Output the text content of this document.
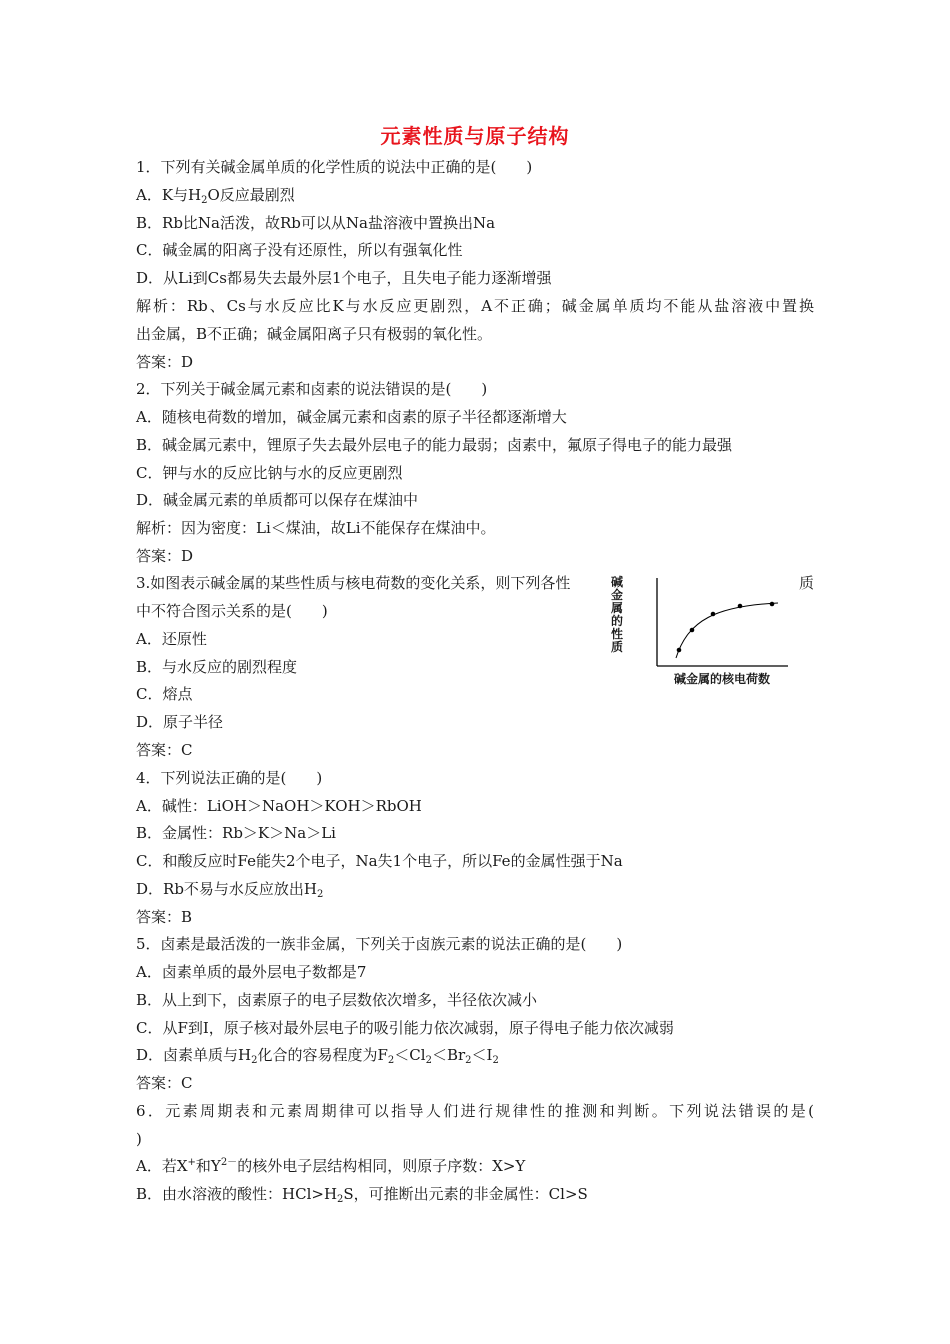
元素性质与原子结构
1．下列有关碱金属单质的化学性质的说法中正确的是(　　)
A．K与$H_2O$反应最剧烈
B．Rb比Na活泼，故Rb可以从Na盐溶液中置换出Na
C．碱金属的阳离子没有还原性，所以有强氧化性
D．从Li到Cs都易失去最外层1个电子，且失电子能力逐渐增强
解析：Rb、Cs与水反应比K与水反应更剧烈，A不正确；碱金属单质均不能从盐溶液中置换
出金属，B不正确；碱金属阳离子只有极弱的氧化性。
答案：D
2．下列关于碱金属元素和卤素的说法错误的是(　　)
A．随核电荷数的增加，碱金属元素和卤素的原子半径都逐渐增大
B．碱金属元素中，锂原子失去最外层电子的能力最弱；卤素中，氟原子得电子的能力最强
C．钾与水的反应比钠与水的反应更剧烈
D．碱金属元素的单质都可以保存在煤油中
解析：因为密度：Li＜煤油，故Li不能保存在煤油中。
答案：D
3.如图表示碱金属的某些性质与核电荷数的变化关系，则下列各性	质
中不符合图示关系的是(　　)
A．还原性
B．与水反应的剧烈程度
C．熔点
D．原子半径
答案：C
碱金属的性质
碱金属的核电荷数
4．下列说法正确的是(　　)
A．碱性：LiOH＞NaOH＞KOH＞RbOH
B．金属性：Rb＞K＞Na＞Li
C．和酸反应时Fe能失2个电子，Na失1个电子，所以Fe的金属性强于Na
D．Rb不易与水反应放出$H_2$
答案：B
5．卤素是最活泼的一族非金属，下列关于卤族元素的说法正确的是(　　)
A．卤素单质的最外层电子数都是7
B．从上到下，卤素原子的电子层数依次增多，半径依次减小
C．从F到I，原子核对最外层电子的吸引能力依次减弱，原子得电子能力依次减弱
D．卤素单质与$H_2$化合的容易程度为$F_2<Cl_2<Br_2<I_2$
答案：C
6．元素周期表和元素周期律可以指导人们进行规律性的推测和判断。下列说法错误的是(
)
A．若X+和$Y^{2-}$的核外电子层结构相同，则原子序数：X>Y
B．由水溶液的酸性：$HCl>H_2S$，可推断出元素的非金属性：Cl>S
